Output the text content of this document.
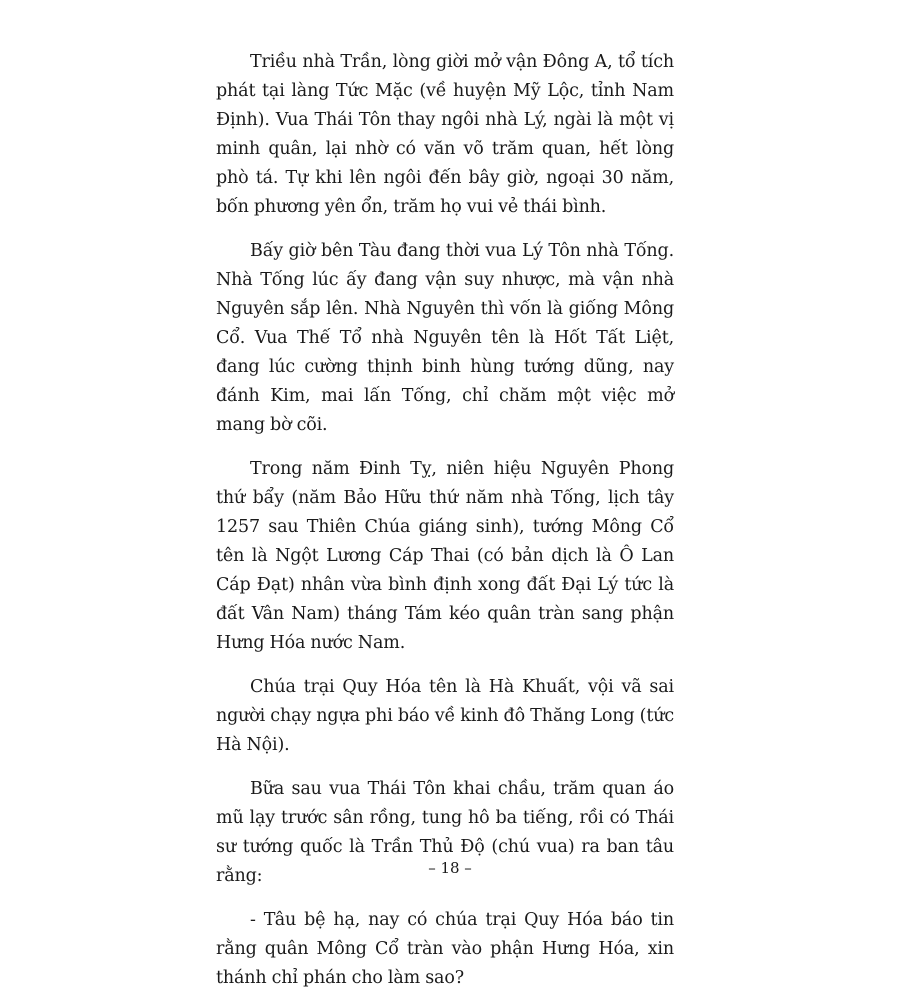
Triều nhà Trần, lòng giời mở vận Đông A, tổ tích phát tại làng Tức Mặc (về huyện Mỹ Lộc, tỉnh Nam Định). Vua Thái Tôn thay ngôi nhà Lý, ngài là một vị minh quân, lại nhờ có văn võ trăm quan, hết lòng phò tá. Tự khi lên ngôi đến bây giờ, ngoại 30 năm, bốn phương yên ổn, trăm họ vui vẻ thái bình.

Bấy giờ bên Tàu đang thời vua Lý Tôn nhà Tống. Nhà Tống lúc ấy đang vận suy nhược, mà vận nhà Nguyên sắp lên. Nhà Nguyên thì vốn là giống Mông Cổ. Vua Thế Tổ nhà Nguyên tên là Hốt Tất Liệt, đang lúc cường thịnh binh hùng tướng dũng, nay đánh Kim, mai lấn Tống, chỉ chăm một việc mở mang bờ cõi.

Trong năm Đinh Tỵ, niên hiệu Nguyên Phong thứ bẩy (năm Bảo Hữu thứ năm nhà Tống, lịch tây 1257 sau Thiên Chúa giáng sinh), tướng Mông Cổ tên là Ngột Lương Cáp Thai (có bản dịch là Ô Lan Cáp Đạt) nhân vừa bình định xong đất Đại Lý tức là đất Vân Nam) tháng Tám kéo quân tràn sang phận Hưng Hóa nước Nam.

Chúa trại Quy Hóa tên là Hà Khuất, vội vã sai người chạy ngựa phi báo về kinh đô Thăng Long (tức Hà Nội).

Bữa sau vua Thái Tôn khai chầu, trăm quan áo mũ lạy trước sân rồng, tung hô ba tiếng, rồi có Thái sư tướng quốc là Trần Thủ Độ (chú vua) ra ban tâu rằng:

- Tâu bệ hạ, nay có chúa trại Quy Hóa báo tin rằng quân Mông Cổ tràn vào phận Hưng Hóa, xin thánh chỉ phán cho làm sao?

– 18 –
